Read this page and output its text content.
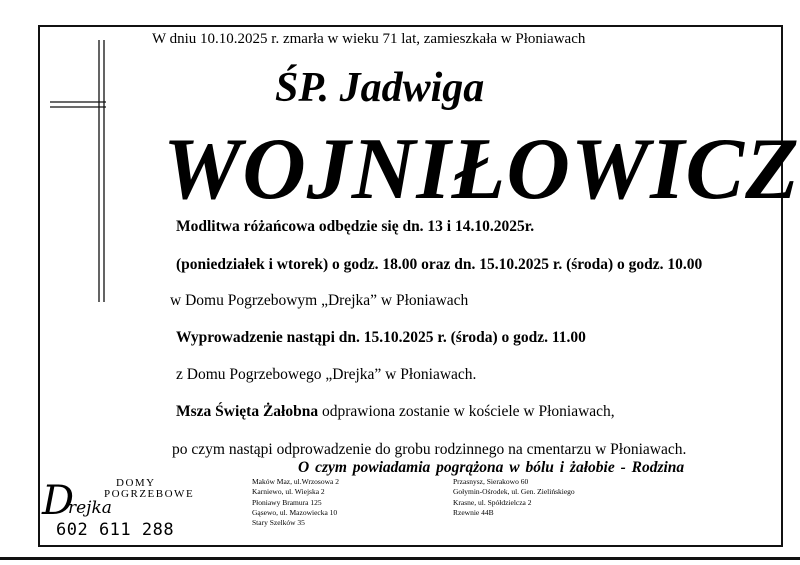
W dniu 10.10.2025 r. zmarła w wieku 71 lat, zamieszkała w Płoniawach
ŚP. Jadwiga
WOJNIŁOWICZ
Modlitwa różańcowa odbędzie się dn. 13 i 14.10.2025r.
(poniedziałek i wtorek) o godz. 18.00 oraz dn. 15.10.2025 r. (środa) o godz. 10.00
w Domu Pogrzebowym „Drejka” w Płoniawach
Wyprowadzenie nastąpi dn. 15.10.2025 r. (środa) o godz. 11.00
z Domu Pogrzebowego „Drejka” w Płoniawach.
Msza Święta Żałobna odprawiona zostanie w kościele w Płoniawach,
po czym nastąpi odprowadzenie do grobu rodzinnego na cmentarzu w Płoniawach.
O czym powiadamia pogrążona w bólu i żałobie - Rodzina
DOMY
POGRZEBOWE
D
rejka
602 611 288
Maków Maz, ul.Wrzosowa 2
Karniewo, ul. Wiejska 2
Płoniawy Bramura 125
Gąsewo, ul. Mazowiecka 10
Stary Szelków 35
Przasnysz, Sierakowo 60
Gołymin-Ośrodek, ul. Gen. Zielińskiego
Krasne, ul. Spółdzielcza 2
Rzewnie 44B
